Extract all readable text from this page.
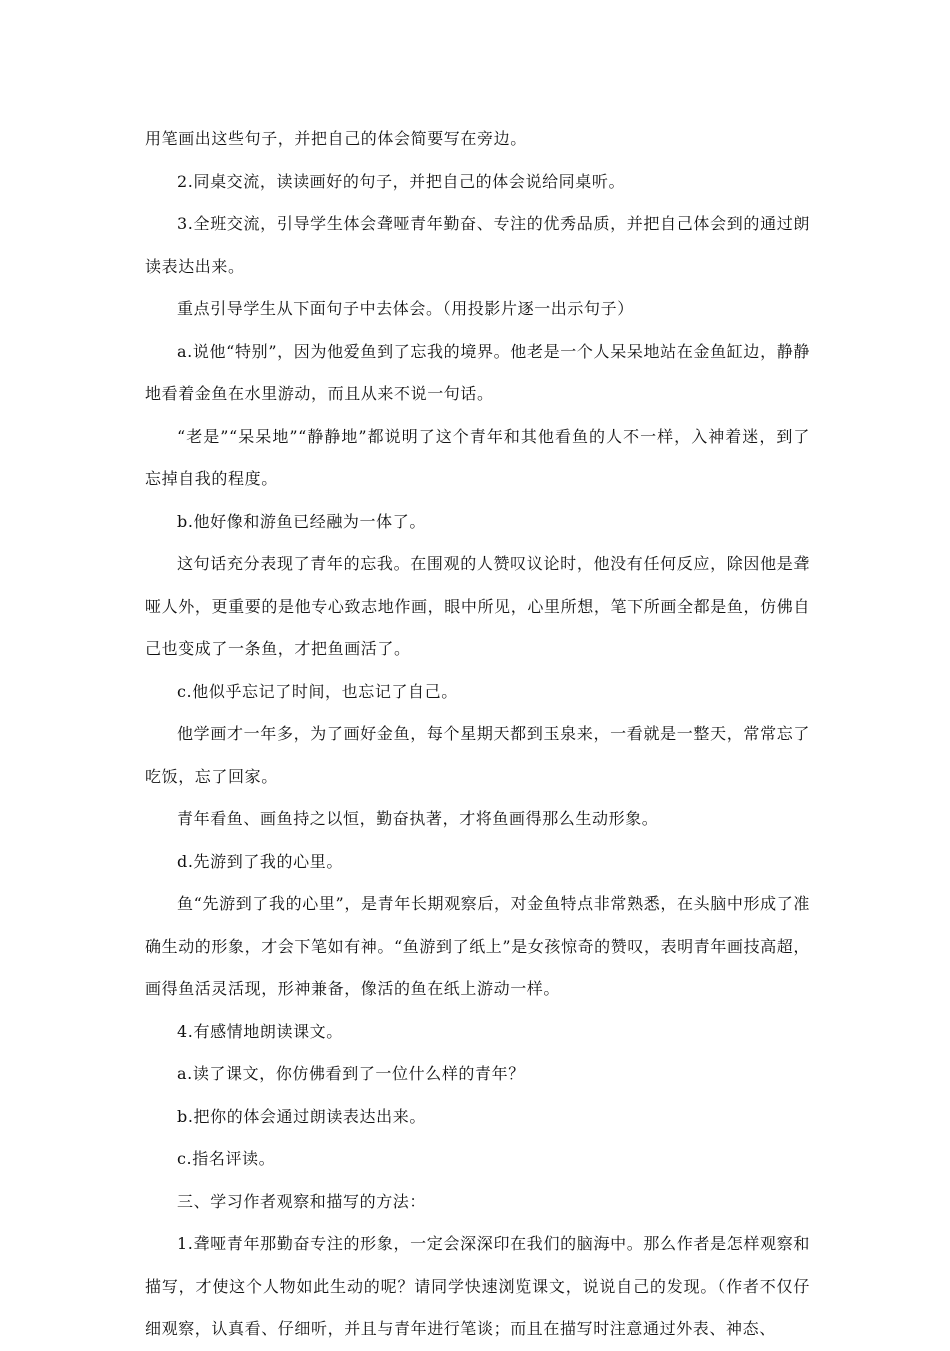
用笔画出这些句子，并把自己的体会简要写在旁边。

2.同桌交流，读读画好的句子，并把自己的体会说给同桌听。

3.全班交流，引导学生体会聋哑青年勤奋、专注的优秀品质，并把自己体会到的通过朗读表达出来。

重点引导学生从下面句子中去体会。（用投影片逐一出示句子）

a.说他“特别”，因为他爱鱼到了忘我的境界。他老是一个人呆呆地站在金鱼缸边，静静地看着金鱼在水里游动，而且从来不说一句话。

“老是”“呆呆地”“静静地”都说明了这个青年和其他看鱼的人不一样，入神着迷，到了忘掉自我的程度。

b.他好像和游鱼已经融为一体了。

这句话充分表现了青年的忘我。在围观的人赞叹议论时，他没有任何反应，除因他是聋哑人外，更重要的是他专心致志地作画，眼中所见，心里所想，笔下所画全都是鱼，仿佛自己也变成了一条鱼，才把鱼画活了。

c.他似乎忘记了时间，也忘记了自己。

他学画才一年多，为了画好金鱼，每个星期天都到玉泉来，一看就是一整天，常常忘了吃饭，忘了回家。

青年看鱼、画鱼持之以恒，勤奋执著，才将鱼画得那么生动形象。

d.先游到了我的心里。

鱼“先游到了我的心里”，是青年长期观察后，对金鱼特点非常熟悉，在头脑中形成了准确生动的形象，才会下笔如有神。“鱼游到了纸上”是女孩惊奇的赞叹，表明青年画技高超，画得鱼活灵活现，形神兼备，像活的鱼在纸上游动一样。

4.有感情地朗读课文。

a.读了课文，你仿佛看到了一位什么样的青年？

b.把你的体会通过朗读表达出来。

c.指名评读。

三、学习作者观察和描写的方法：

1.聋哑青年那勤奋专注的形象，一定会深深印在我们的脑海中。那么作者是怎样观察和描写，才使这个人物如此生动的呢？请同学快速浏览课文，说说自己的发现。（作者不仅仔细观察，认真看、仔细听，并且与青年进行笔谈；而且在描写时注意通过外表、神态、
